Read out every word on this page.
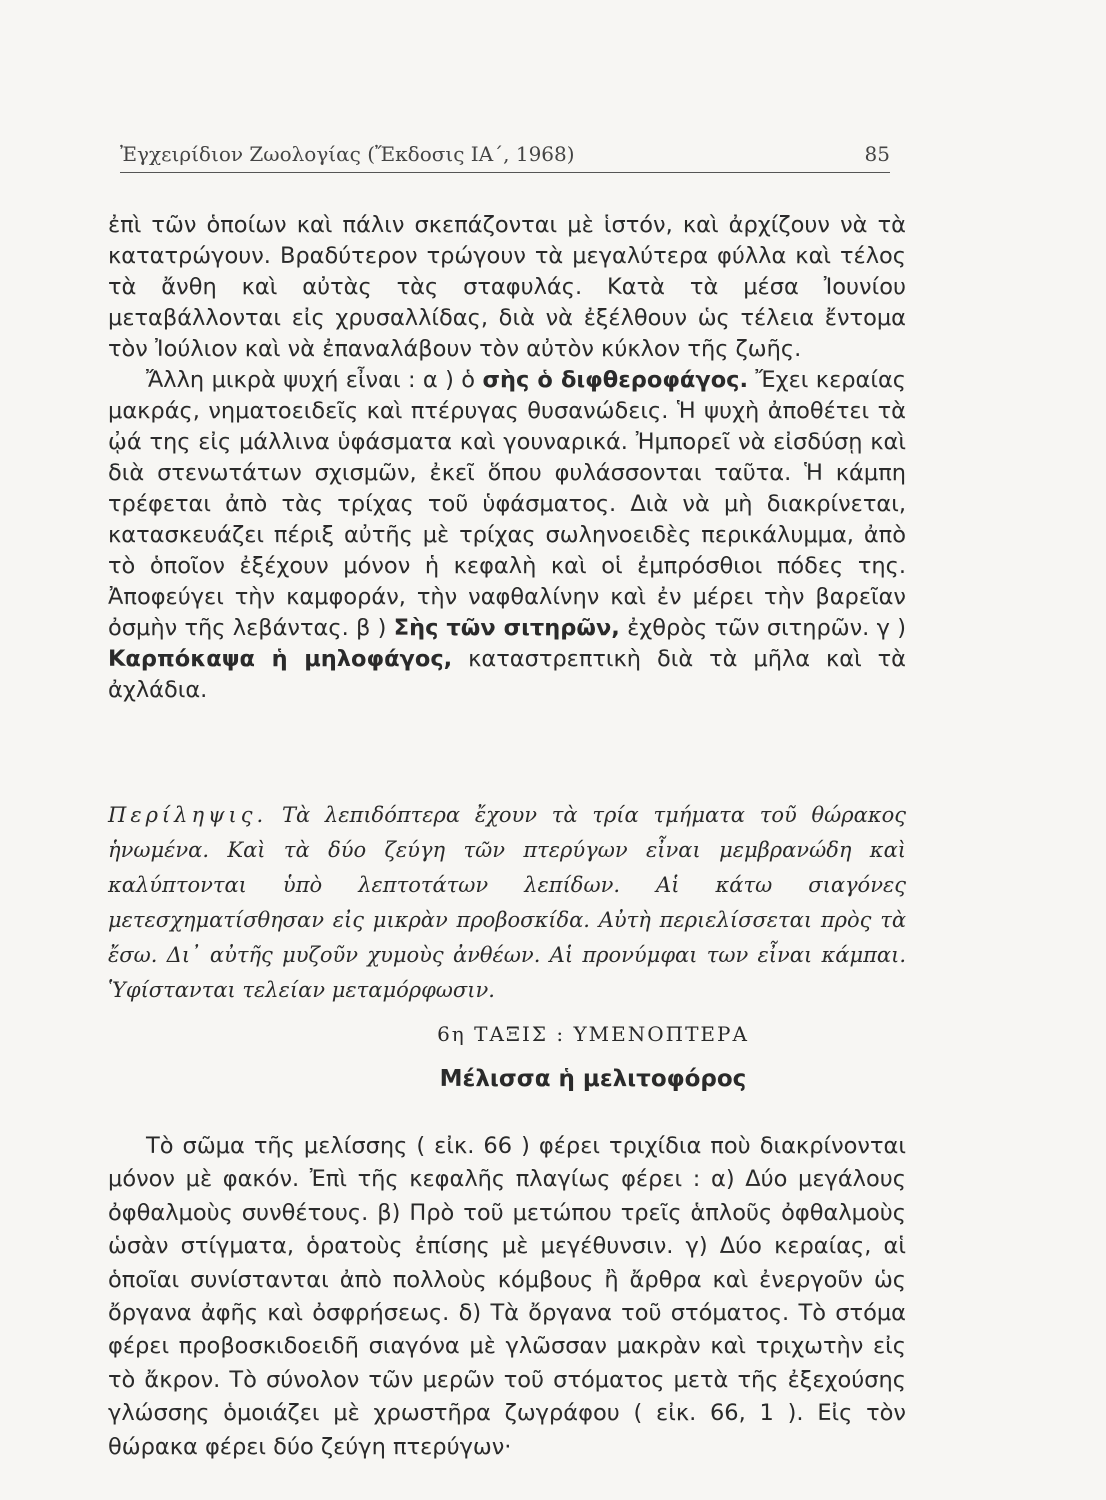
Ἐγχειρίδιον Ζωολογίας (Ἔκδοσις ΙΑ΄, 1968)	85

ἐπὶ τῶν ὁποίων καὶ πάλιν σκεπάζονται μὲ ἱστόν, καὶ ἀρχίζουν νὰ τὰ κατατρώγουν. Βραδύτερον τρώγουν τὰ μεγαλύτερα φύλλα καὶ τέλος τὰ ἄνθη καὶ αὐτὰς τὰς σταφυλάς. Κατὰ τὰ μέσα Ἰουνίου μεταβάλλονται εἰς χρυσαλλίδας, διὰ νὰ ἐξέλθουν ὡς τέλεια ἔντομα τὸν Ἰούλιον καὶ νὰ ἐπαναλάβουν τὸν αὐτὸν κύκλον τῆς ζωῆς.

Ἄλλη μικρὰ ψυχή εἶναι : α ) ὁ σὴς ὁ διφθεροφάγος. Ἔχει κεραίας μακράς, νηματοειδεῖς καὶ πτέρυγας θυσανώδεις. Ἡ ψυχὴ ἀποθέτει τὰ ᾠά της εἰς μάλλινα ὑφάσματα καὶ γουναρικά. Ἠμπορεῖ νὰ εἰσδύσῃ καὶ διὰ στενωτάτων σχισμῶν, ἐκεῖ ὅπου φυλάσσονται ταῦτα. Ἡ κάμπη τρέφεται ἀπὸ τὰς τρίχας τοῦ ὑφάσματος. Διὰ νὰ μὴ διακρίνεται, κατασκευάζει πέριξ αὐτῆς μὲ τρίχας σωληνοειδὲς περικάλυμμα, ἀπὸ τὸ ὁποῖον ἐξέχουν μόνον ἡ κεφαλὴ καὶ οἱ ἐμπρόσθιοι πόδες της. Ἀποφεύγει τὴν καμφοράν, τὴν ναφθαλίνην καὶ ἐν μέρει τὴν βαρεῖαν ὀσμὴν τῆς λεβάντας. β ) Σὴς τῶν σιτηρῶν, ἐχθρὸς τῶν σιτηρῶν. γ ) Καρπόκαψα ἡ μηλοφάγος, καταστρεπτικὴ διὰ τὰ μῆλα καὶ τὰ ἀχλάδια.

Περίληψις. Τὰ λεπιδόπτερα ἔχουν τὰ τρία τμήματα τοῦ θώρακος ἡνωμένα. Καὶ τὰ δύο ζεύγη τῶν πτερύγων εἶναι μεμβρανώδη καὶ καλύπτονται ὑπὸ λεπτοτάτων λεπίδων. Αἱ κάτω σιαγόνες μετεσχηματίσθησαν εἰς μικρὰν προβοσκίδα. Αὐτὴ περιελίσσεται πρὸς τὰ ἔσω. Δι᾿ αὐτῆς μυζοῦν χυμοὺς ἀνθέων. Αἱ προνύμφαι των εἶναι κάμπαι. Ὑφίστανται τελείαν μεταμόρφωσιν.

6η ΤΑΞΙΣ : ΥΜΕΝΟΠΤΕΡΑ
Μέλισσα ἡ μελιτοφόρος

Τὸ σῶμα τῆς μελίσσης ( εἰκ. 66 ) φέρει τριχίδια ποὺ διακρίνονται μόνον μὲ φακόν. Ἐπὶ τῆς κεφαλῆς πλαγίως φέρει : α) Δύο μεγάλους ὀφθαλμοὺς συνθέτους. β) Πρὸ τοῦ μετώπου τρεῖς ἁπλοῦς ὀφθαλμοὺς ὡσὰν στίγματα, ὁρατοὺς ἐπίσης μὲ μεγέθυνσιν. γ) Δύο κεραίας, αἱ ὁποῖαι συνίστανται ἀπὸ πολλοὺς κόμβους ἢ ἄρθρα καὶ ἐνεργοῦν ὡς ὄργανα ἀφῆς καὶ ὀσφρήσεως. δ) Τὰ ὄργανα τοῦ στόματος. Τὸ στόμα φέρει προβοσκιδοειδῆ σιαγόνα μὲ γλῶσσαν μακρὰν καὶ τριχωτὴν εἰς τὸ ἄκρον. Τὸ σύνολον τῶν μερῶν τοῦ στόματος μετὰ τῆς ἐξεχούσης γλώσσης ὁμοιάζει μὲ χρωστῆρα ζωγράφου ( εἰκ. 66, 1 ). Εἰς τὸν θώρακα φέρει δύο ζεύγη πτερύγων·
